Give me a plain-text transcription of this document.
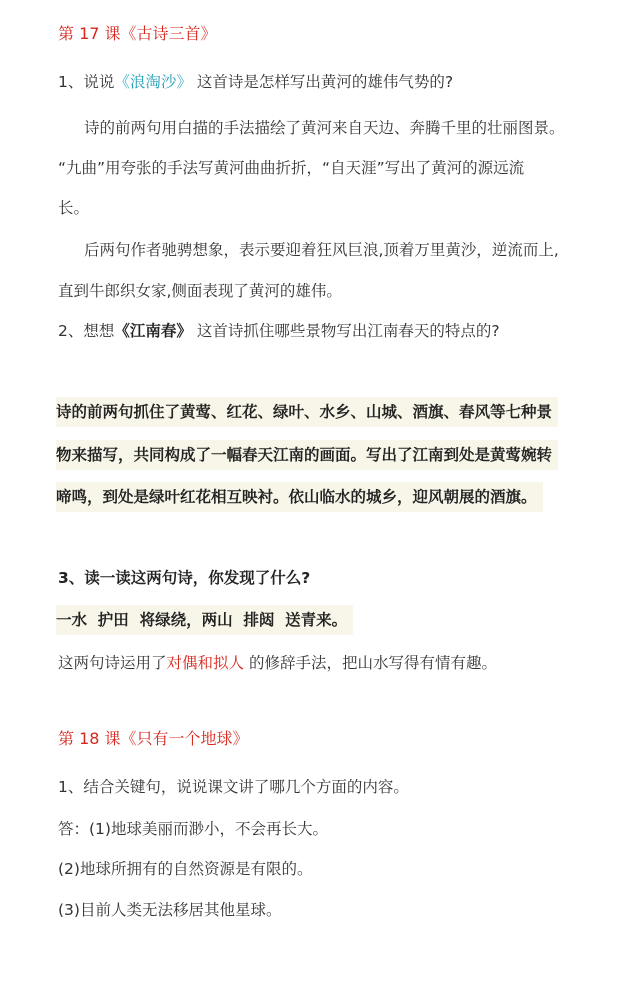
第 17 课《古诗三首》
1、说说《浪淘沙》 这首诗是怎样写出黄河的雄伟气势的?
诗的前两句用白描的手法描绘了黄河来自天边、奔腾千里的壮丽图景。
“九曲”用夸张的手法写黄河曲曲折折，“自天涯”写出了黄河的源远流
长。
后两句作者驰骋想象，表示要迎着狂风巨浪,顶着万里黄沙，逆流而上,
直到牛郎织女家,侧面表现了黄河的雄伟。
2、想想《江南春》 这首诗抓住哪些景物写出江南春天的特点的?
诗的前两句抓住了黄莺、红花、绿叶、水乡、山城、酒旗、春风等七种景
物来描写，共同构成了一幅春天江南的画面。写出了江南到处是黄莺婉转
啼鸣，到处是绿叶红花相互映衬。依山临水的城乡，迎风朝展的酒旗。
3、读一读这两句诗，你发现了什么?
一水  护田  将绿绕，两山  排闼  送青来。
这两句诗运用了对偶和拟人 的修辞手法，把山水写得有情有趣。
第 18 课《只有一个地球》
1、结合关键句，说说课文讲了哪几个方面的内容。
答：(1)地球美丽而渺小，不会再长大。
(2)地球所拥有的自然资源是有限的。
(3)目前人类无法移居其他星球。
